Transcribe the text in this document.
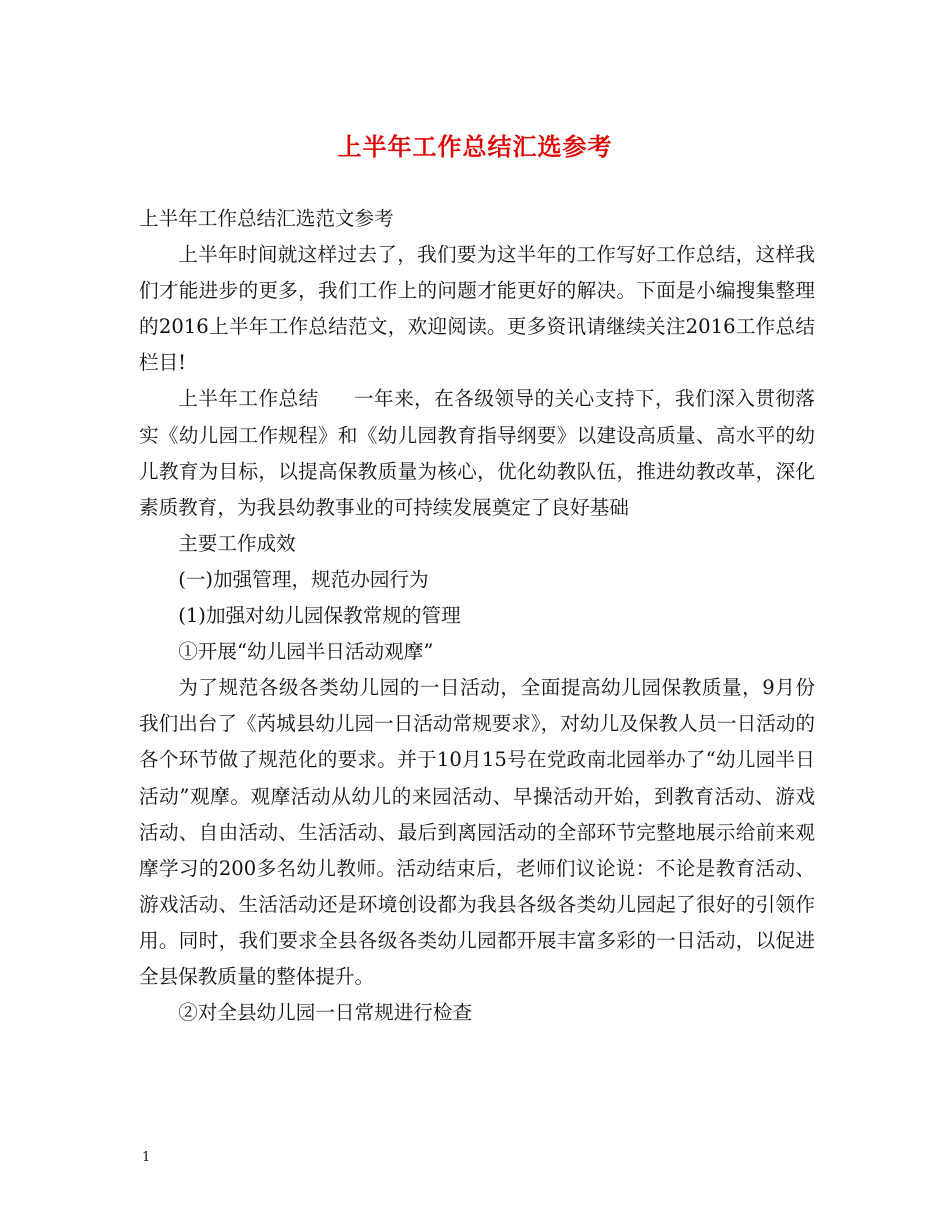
上半年工作总结汇选参考

上半年工作总结汇选范文参考

上半年时间就这样过去了，我们要为这半年的工作写好工作总结，这样我们才能进步的更多，我们工作上的问题才能更好的解决。下面是小编搜集整理的2016上半年工作总结范文，欢迎阅读。更多资讯请继续关注2016工作总结栏目!

上半年工作总结 一年来，在各级领导的关心支持下，我们深入贯彻落实《幼儿园工作规程》和《幼儿园教育指导纲要》以建设高质量、高水平的幼儿教育为目标，以提高保教质量为核心，优化幼教队伍，推进幼教改革，深化素质教育，为我县幼教事业的可持续发展奠定了良好基础

主要工作成效

(一)加强管理，规范办园行为

(1)加强对幼儿园保教常规的管理

①开展“幼儿园半日活动观摩”

为了规范各级各类幼儿园的一日活动，全面提高幼儿园保教质量，9月份我们出台了《芮城县幼儿园一日活动常规要求》，对幼儿及保教人员一日活动的各个环节做了规范化的要求。并于10月15号在党政南北园举办了“幼儿园半日活动”观摩。观摩活动从幼儿的来园活动、早操活动开始，到教育活动、游戏活动、自由活动、生活活动、最后到离园活动的全部环节完整地展示给前来观摩学习的200多名幼儿教师。活动结束后，老师们议论说：不论是教育活动、游戏活动、生活活动还是环境创设都为我县各级各类幼儿园起了很好的引领作用。同时，我们要求全县各级各类幼儿园都开展丰富多彩的一日活动，以促进全县保教质量的整体提升。

②对全县幼儿园一日常规进行检查

1
